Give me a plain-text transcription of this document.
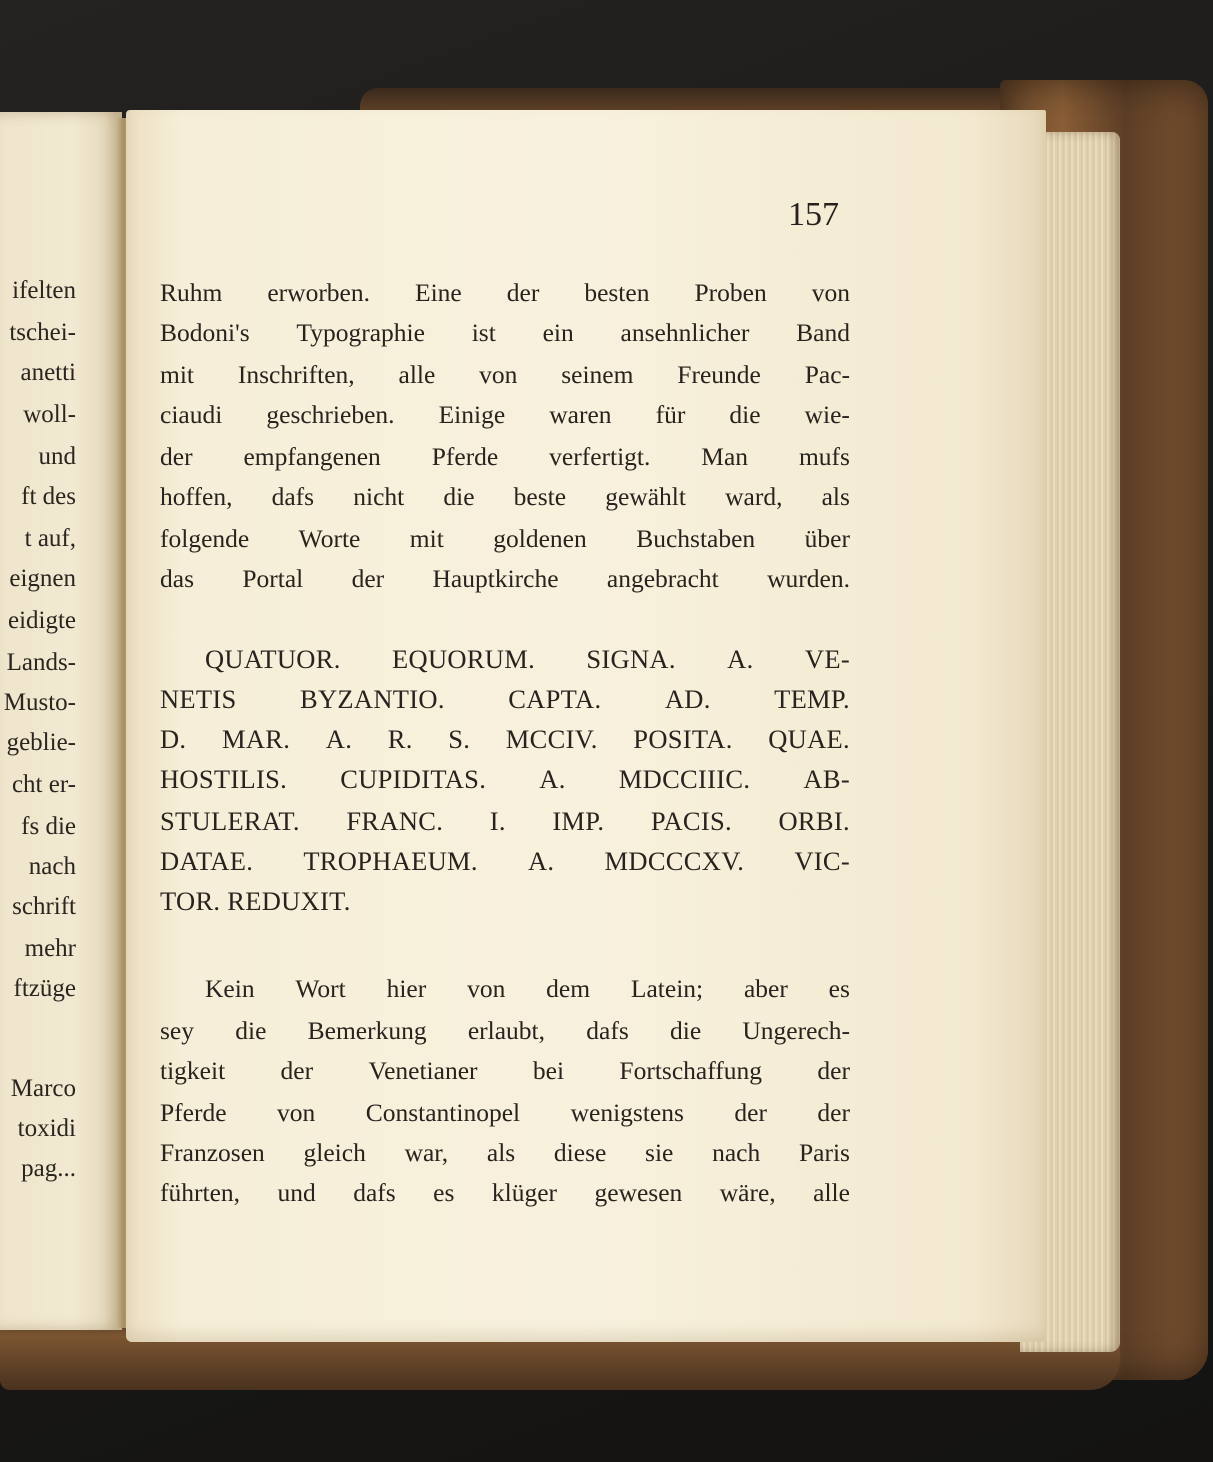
ifelten
tschei-
anetti
woll-
und
ft des
t auf,
eignen
eidigte
Lands-
Musto-
geblie-
cht er-
fs die
nach
schrift
mehr
ftzüge
Marco
toxidi
pag...
157
Ruhm erworben. Eine der besten Proben von
Bodoni's Typographie ist ein ansehnlicher Band
mit Inschriften, alle von seinem Freunde Pac-
ciaudi geschrieben. Einige waren für die wie-
der empfangenen Pferde verfertigt. Man mufs
hoffen, dafs nicht die beste gewählt ward, als
folgende Worte mit goldenen Buchstaben über
das Portal der Hauptkirche angebracht wurden.
QUATUOR. EQUORUM. SIGNA. A. VE-
NETIS BYZANTIO. CAPTA. AD. TEMP.
D. MAR. A. R. S. MCCIV. POSITA. QUAE.
HOSTILIS. CUPIDITAS. A. MDCCIIIC. AB-
STULERAT. FRANC. I. IMP. PACIS. ORBI.
DATAE. TROPHAEUM. A. MDCCCXV. VIC-
TOR. REDUXIT.
Kein Wort hier von dem Latein; aber es
sey die Bemerkung erlaubt, dafs die Ungerech-
tigkeit der Venetianer bei Fortschaffung der
Pferde von Constantinopel wenigstens der der
Franzosen gleich war, als diese sie nach Paris
führten, und dafs es klüger gewesen wäre, alle
